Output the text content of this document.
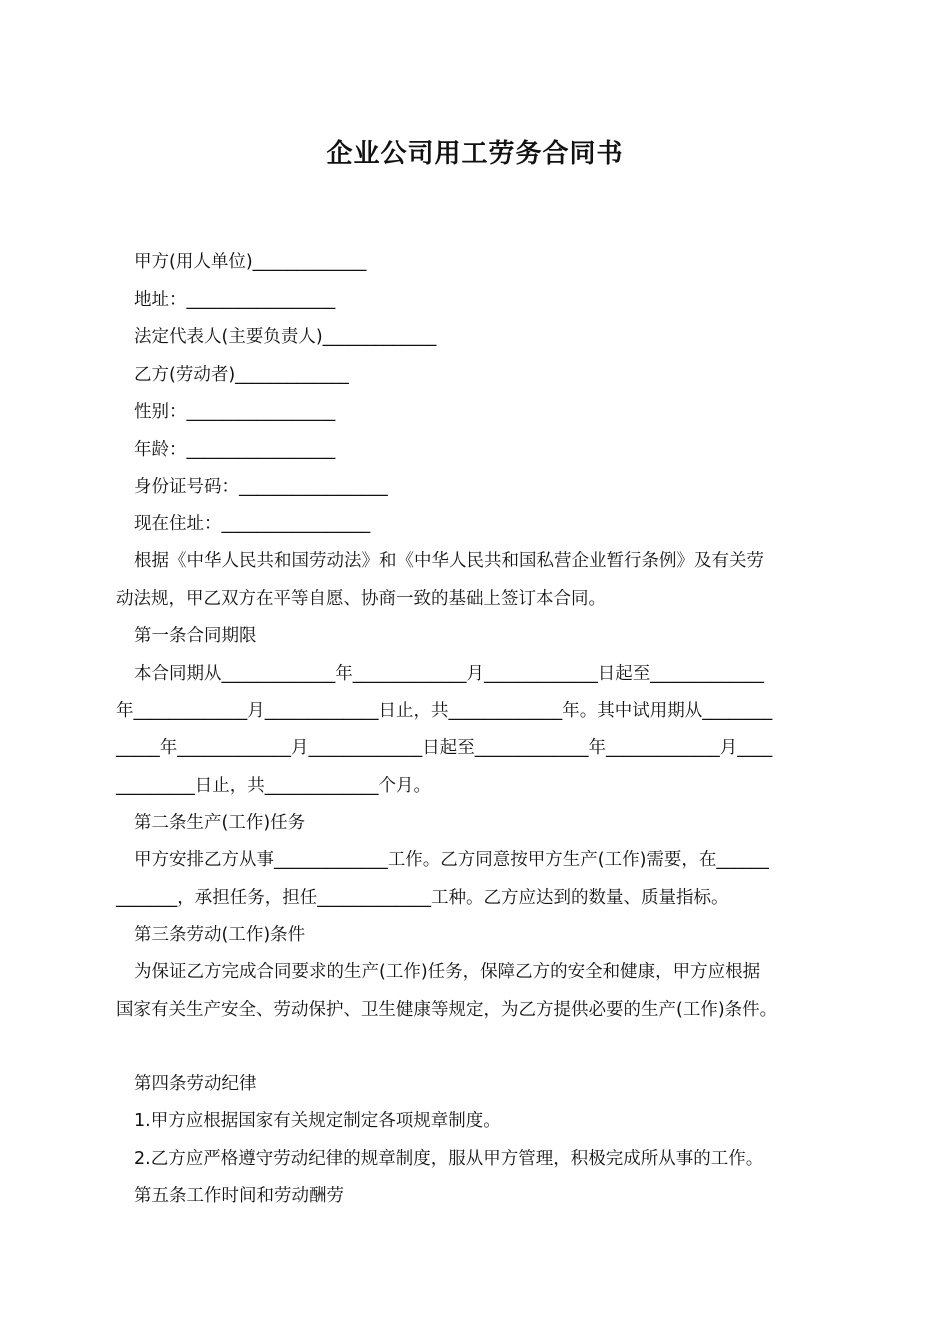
企业公司用工劳务合同书
甲方(用人单位)_____________
地址：_________________
法定代表人(主要负责人)_____________
乙方(劳动者)_____________
性别：_________________
年龄：_________________
身份证号码：_________________
现在住址：_________________
根据《中华人民共和国劳动法》和《中华人民共和国私营企业暂行条例》及有关劳
动法规，甲乙双方在平等自愿、协商一致的基础上签订本合同。
第一条合同期限
本合同期从_____________年_____________月_____________日起至_____________
年_____________月_____________日止，共_____________年。其中试用期从________
_____年_____________月_____________日起至_____________年_____________月____
_________日止，共_____________个月。
第二条生产(工作)任务
甲方安排乙方从事_____________工作。乙方同意按甲方生产(工作)需要，在______
_______，承担任务，担任_____________工种。乙方应达到的数量、质量指标。
第三条劳动(工作)条件
为保证乙方完成合同要求的生产(工作)任务，保障乙方的安全和健康，甲方应根据
国家有关生产安全、劳动保护、卫生健康等规定，为乙方提供必要的生产(工作)条件。
第四条劳动纪律
1.甲方应根据国家有关规定制定各项规章制度。
2.乙方应严格遵守劳动纪律的规章制度，服从甲方管理，积极完成所从事的工作。
第五条工作时间和劳动酬劳
